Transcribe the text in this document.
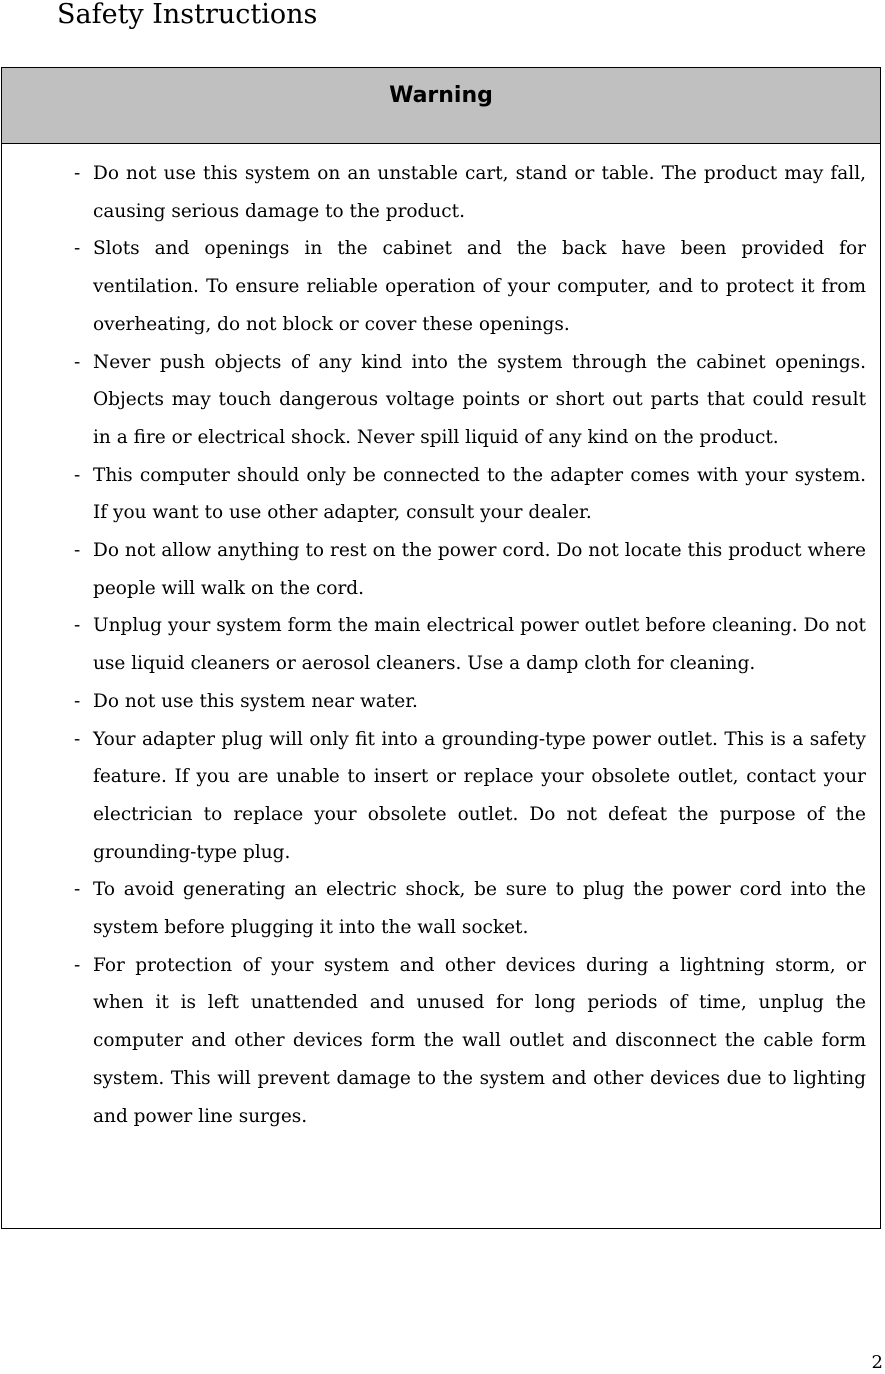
Safety Instructions
Warning
- Do not use this system on an unstable cart, stand or table. The product may fall, causing serious damage to the product.
- Slots and openings in the cabinet and the back have been provided for ventilation. To ensure reliable operation of your computer, and to protect it from overheating, do not block or cover these openings.
- Never push objects of any kind into the system through the cabinet openings. Objects may touch dangerous voltage points or short out parts that could result in a fire or electrical shock. Never spill liquid of any kind on the product.
- This computer should only be connected to the adapter comes with your system. If you want to use other adapter, consult your dealer.
- Do not allow anything to rest on the power cord. Do not locate this product where people will walk on the cord.
- Unplug your system form the main electrical power outlet before cleaning. Do not use liquid cleaners or aerosol cleaners. Use a damp cloth for cleaning.
- Do not use this system near water.
- Your adapter plug will only fit into a grounding-type power outlet. This is a safety feature. If you are unable to insert or replace your obsolete outlet, contact your electrician to replace your obsolete outlet. Do not defeat the purpose of the grounding-type plug.
- To avoid generating an electric shock, be sure to plug the power cord into the system before plugging it into the wall socket.
- For protection of your system and other devices during a lightning storm, or when it is left unattended and unused for long periods of time, unplug the computer and other devices form the wall outlet and disconnect the cable form system. This will prevent damage to the system and other devices due to lighting and power line surges.
2
